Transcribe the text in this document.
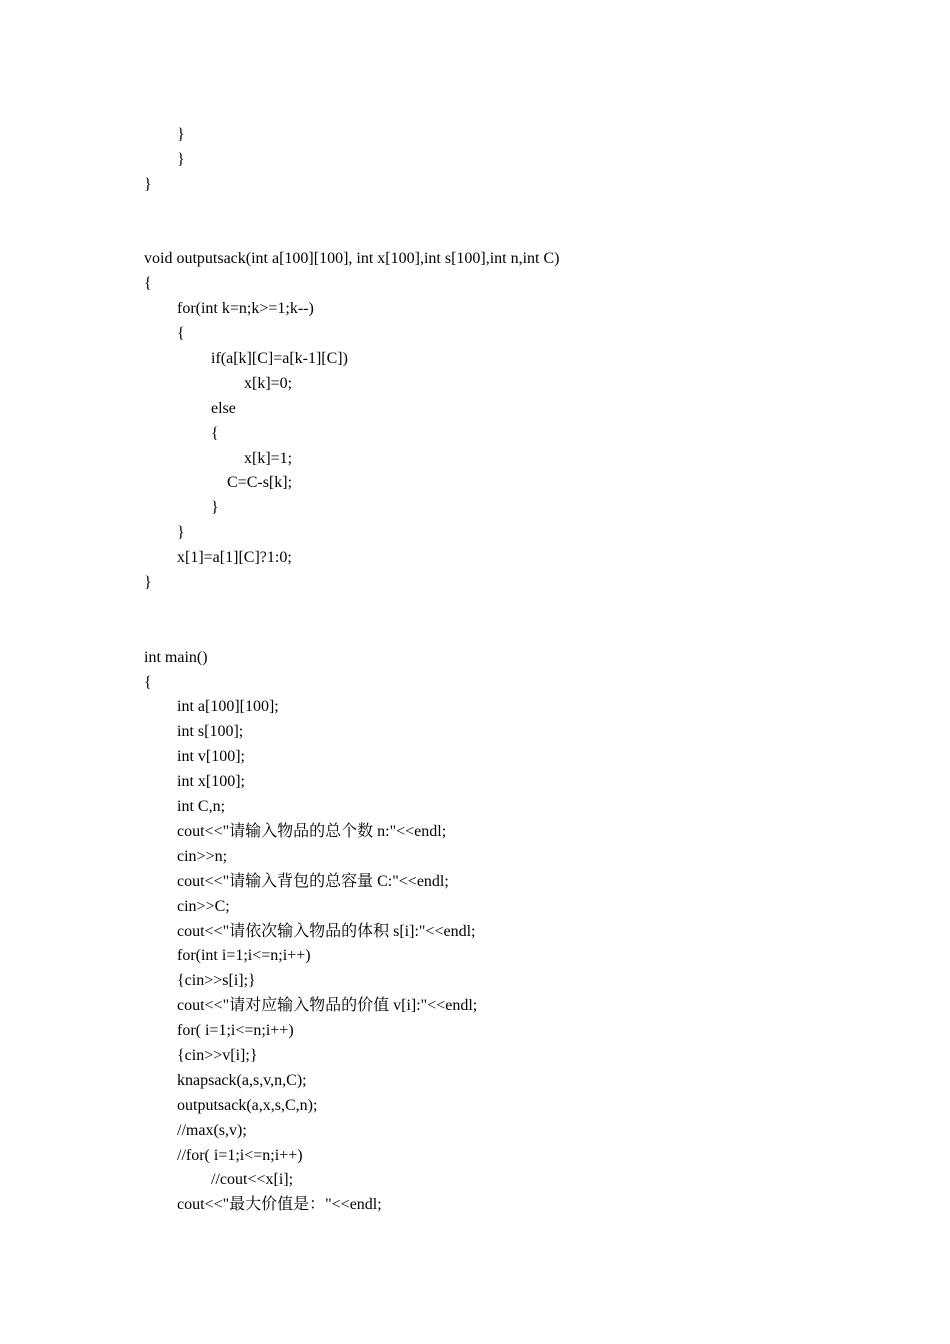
}
}
}
void outputsack(int a[100][100], int x[100],int s[100],int n,int C)
{
for(int k=n;k>=1;k--)
{
if(a[k][C]=a[k-1][C])
x[k]=0;
else
{
x[k]=1;
C=C-s[k];
}
}
x[1]=a[1][C]?1:0;
}
int main()
{
int a[100][100];
int s[100];
int v[100];
int x[100];
int C,n;
cout<<"请输入物品的总个数 n:"<<endl;
cin>>n;
cout<<"请输入背包的总容量 C:"<<endl;
cin>>C;
cout<<"请依次输入物品的体积 s[i]:"<<endl;
for(int i=1;i<=n;i++)
{cin>>s[i];}
cout<<"请对应输入物品的价值 v[i]:"<<endl;
for( i=1;i<=n;i++)
{cin>>v[i];}
knapsack(a,s,v,n,C);
outputsack(a,x,s,C,n);
//max(s,v);
//for( i=1;i<=n;i++)
//cout<<x[i];
cout<<"最大价值是："<<endl;
